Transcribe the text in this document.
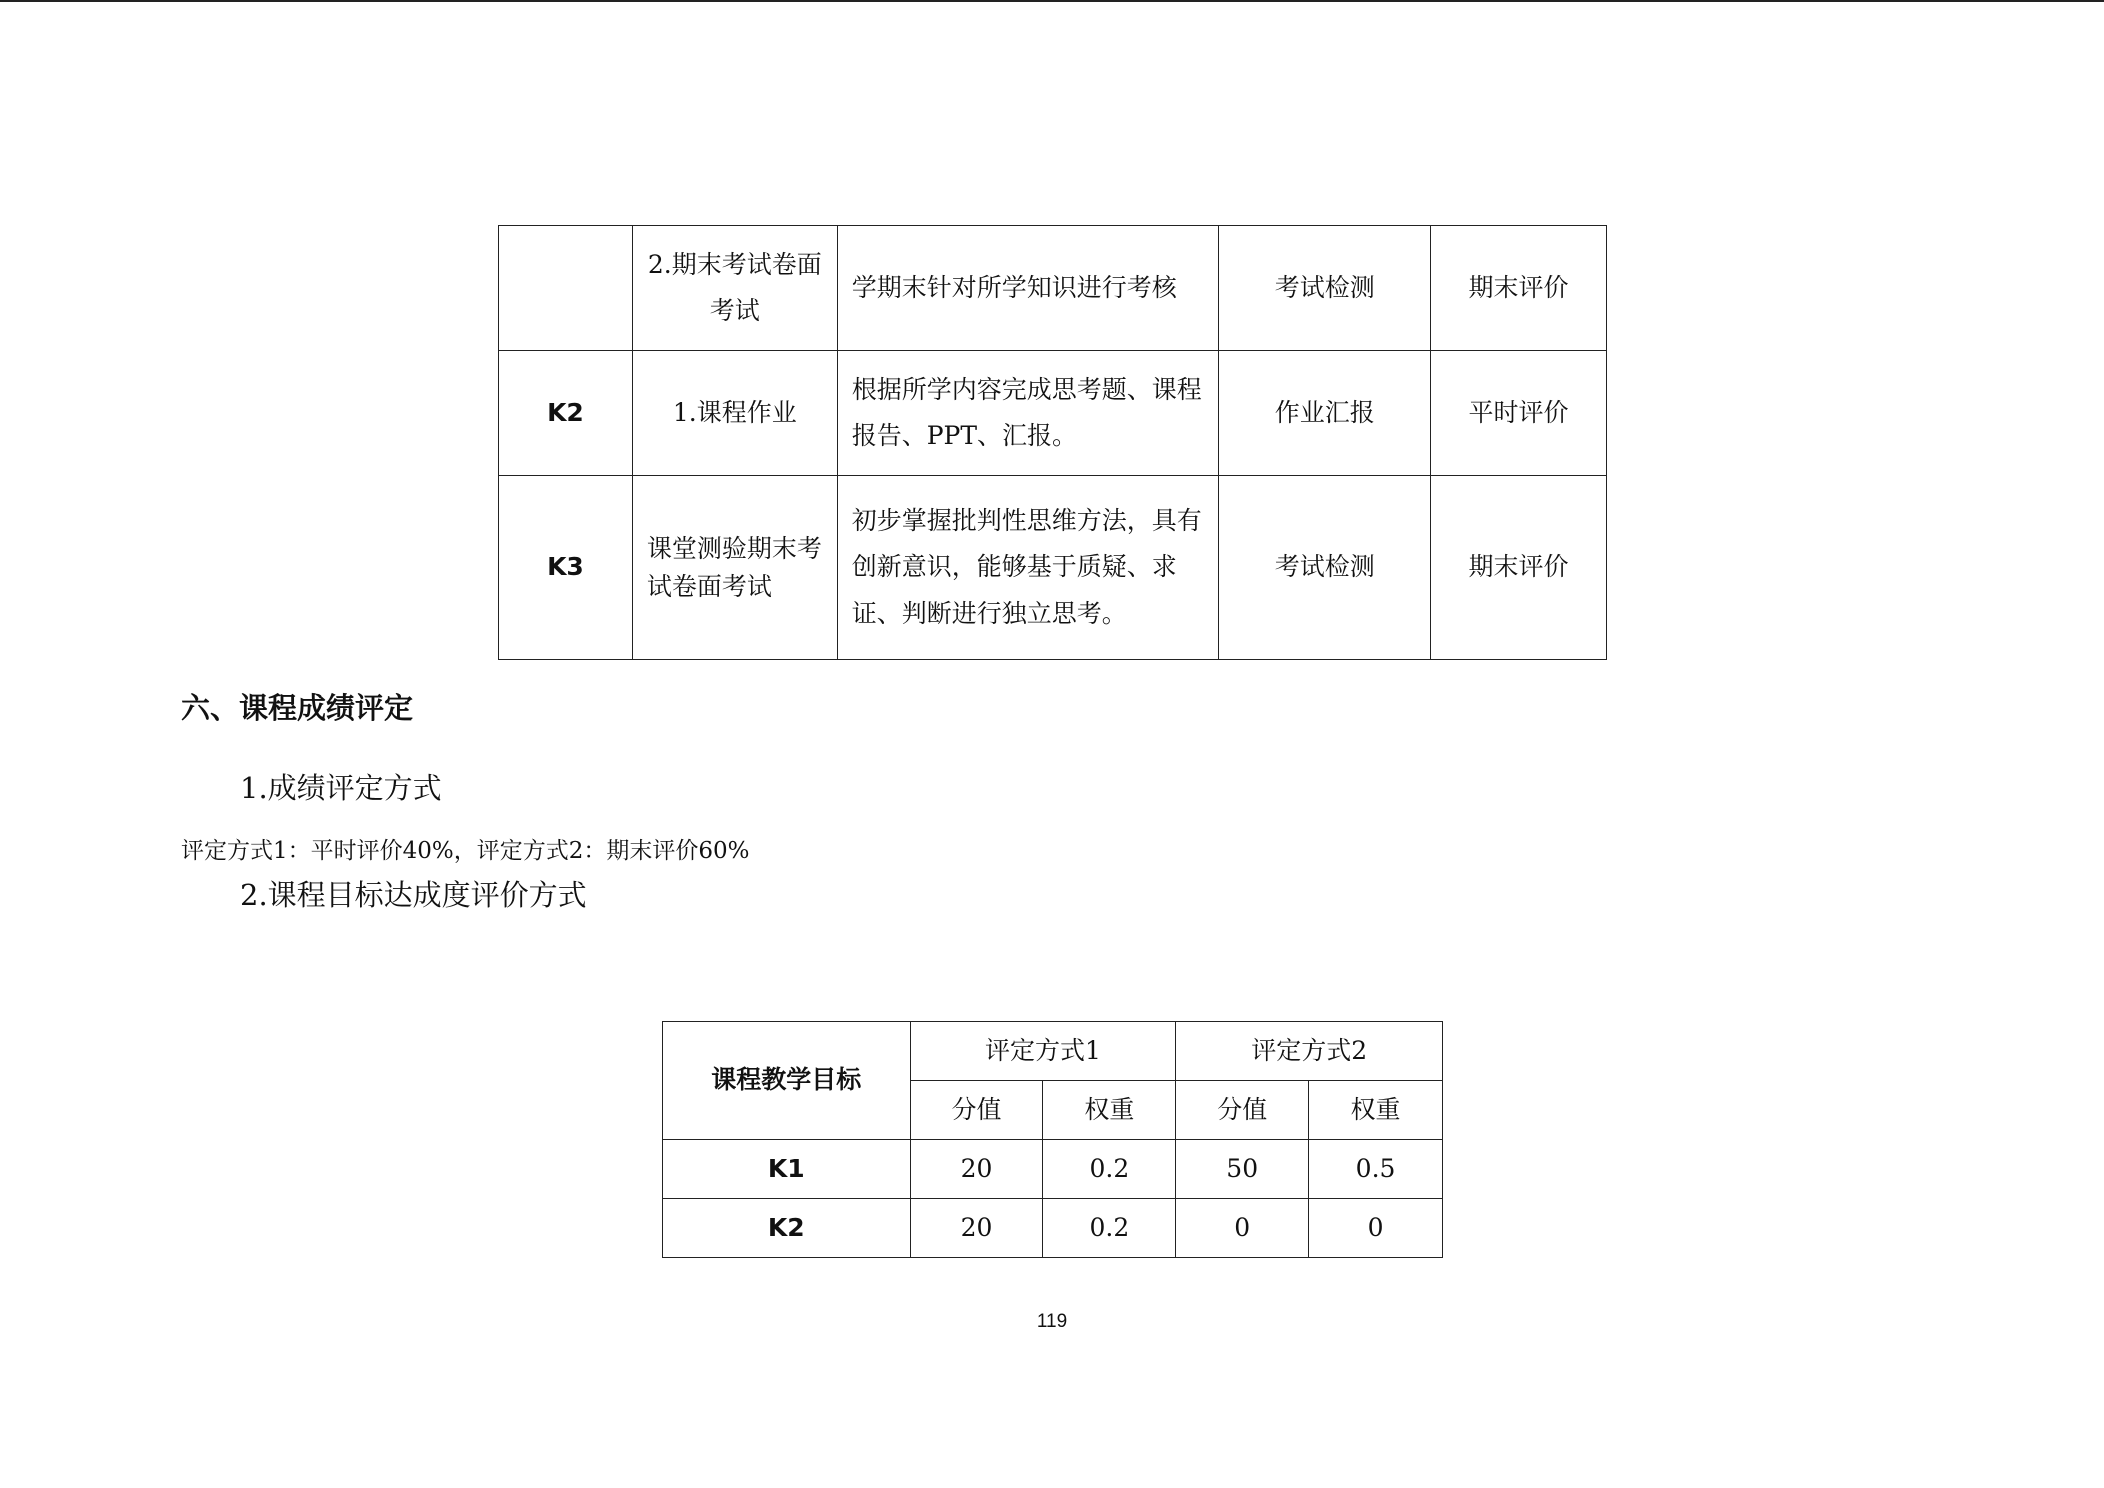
	2.期末考试卷面考试	学期末针对所学知识进行考核	考试检测	期末评价
K2	1.课程作业	根据所学内容完成思考题、课程报告、PPT、汇报。	作业汇报	平时评价
K3	课堂测验期末考试卷面考试	初步掌握批判性思维方法，具有创新意识，能够基于质疑、求证、判断进行独立思考。	考试检测	期末评价
六、课程成绩评定

1.成绩评定方式

评定方式1：平时评价40%，评定方式2：期末评价60%

2.课程目标达成度评价方式

课程教学目标	评定方式1		评定方式2	
	分值	权重	分值	权重
K1	20	0.2	50	0.5
K2	20	0.2	0	0
119
